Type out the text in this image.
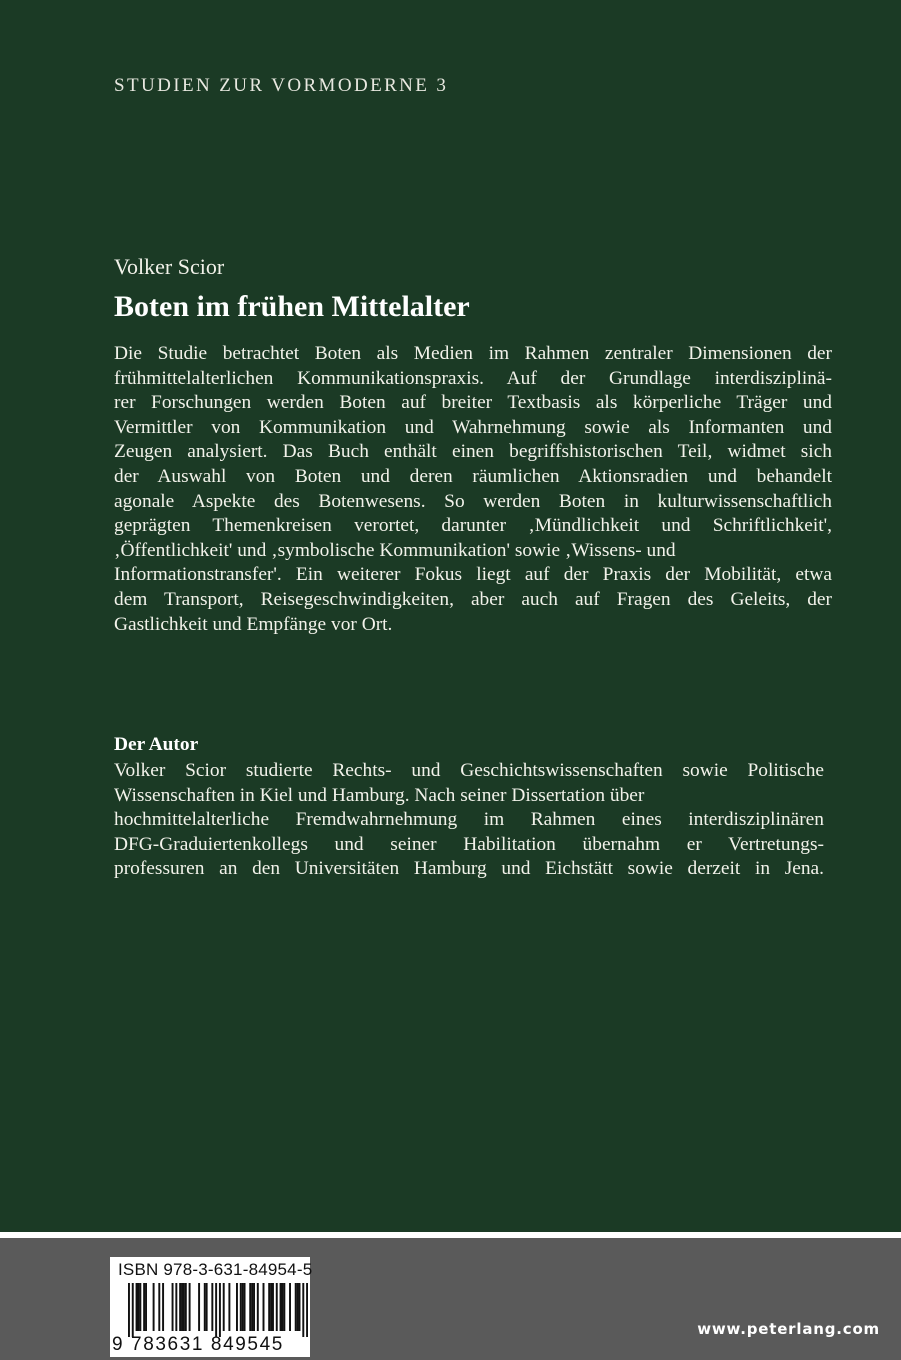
STUDIEN ZUR VORMODERNE 3
Volker Scior
Boten im frühen Mittelalter
Die Studie betrachtet Boten als Medien im Rahmen zentraler Dimensionen der
frühmittelalterlichen Kommunikationspraxis. Auf der Grundlage interdisziplinä-
rer Forschungen werden Boten auf breiter Textbasis als körperliche Träger und
Vermittler von Kommunikation und Wahrnehmung sowie als Informanten und
Zeugen analysiert. Das Buch enthält einen begriffshistorischen Teil, widmet sich
der Auswahl von Boten und deren räumlichen Aktionsradien und behandelt
agonale Aspekte des Botenwesens. So werden Boten in kulturwissenschaftlich
geprägten Themenkreisen verortet, darunter ‚Mündlichkeit und Schriftlichkeit',
‚Öffentlichkeit' und ‚symbolische Kommunikation' sowie ‚Wissens- und
Informationstransfer'. Ein weiterer Fokus liegt auf der Praxis der Mobilität, etwa
dem Transport, Reisegeschwindigkeiten, aber auch auf Fragen des Geleits, der
Gastlichkeit und Empfänge vor Ort.
Der Autor
Volker Scior studierte Rechts- und Geschichtswissenschaften sowie Politische
Wissenschaften in Kiel und Hamburg. Nach seiner Dissertation über
hochmittelalterliche Fremdwahrnehmung im Rahmen eines interdisziplinären
DFG-Graduiertenkollegs und seiner Habilitation übernahm er Vertretungs-
professuren an den Universitäten Hamburg und Eichstätt sowie derzeit in Jena.
ISBN 978-3-631-84954-5
9 783631 849545
www.peterlang.com
